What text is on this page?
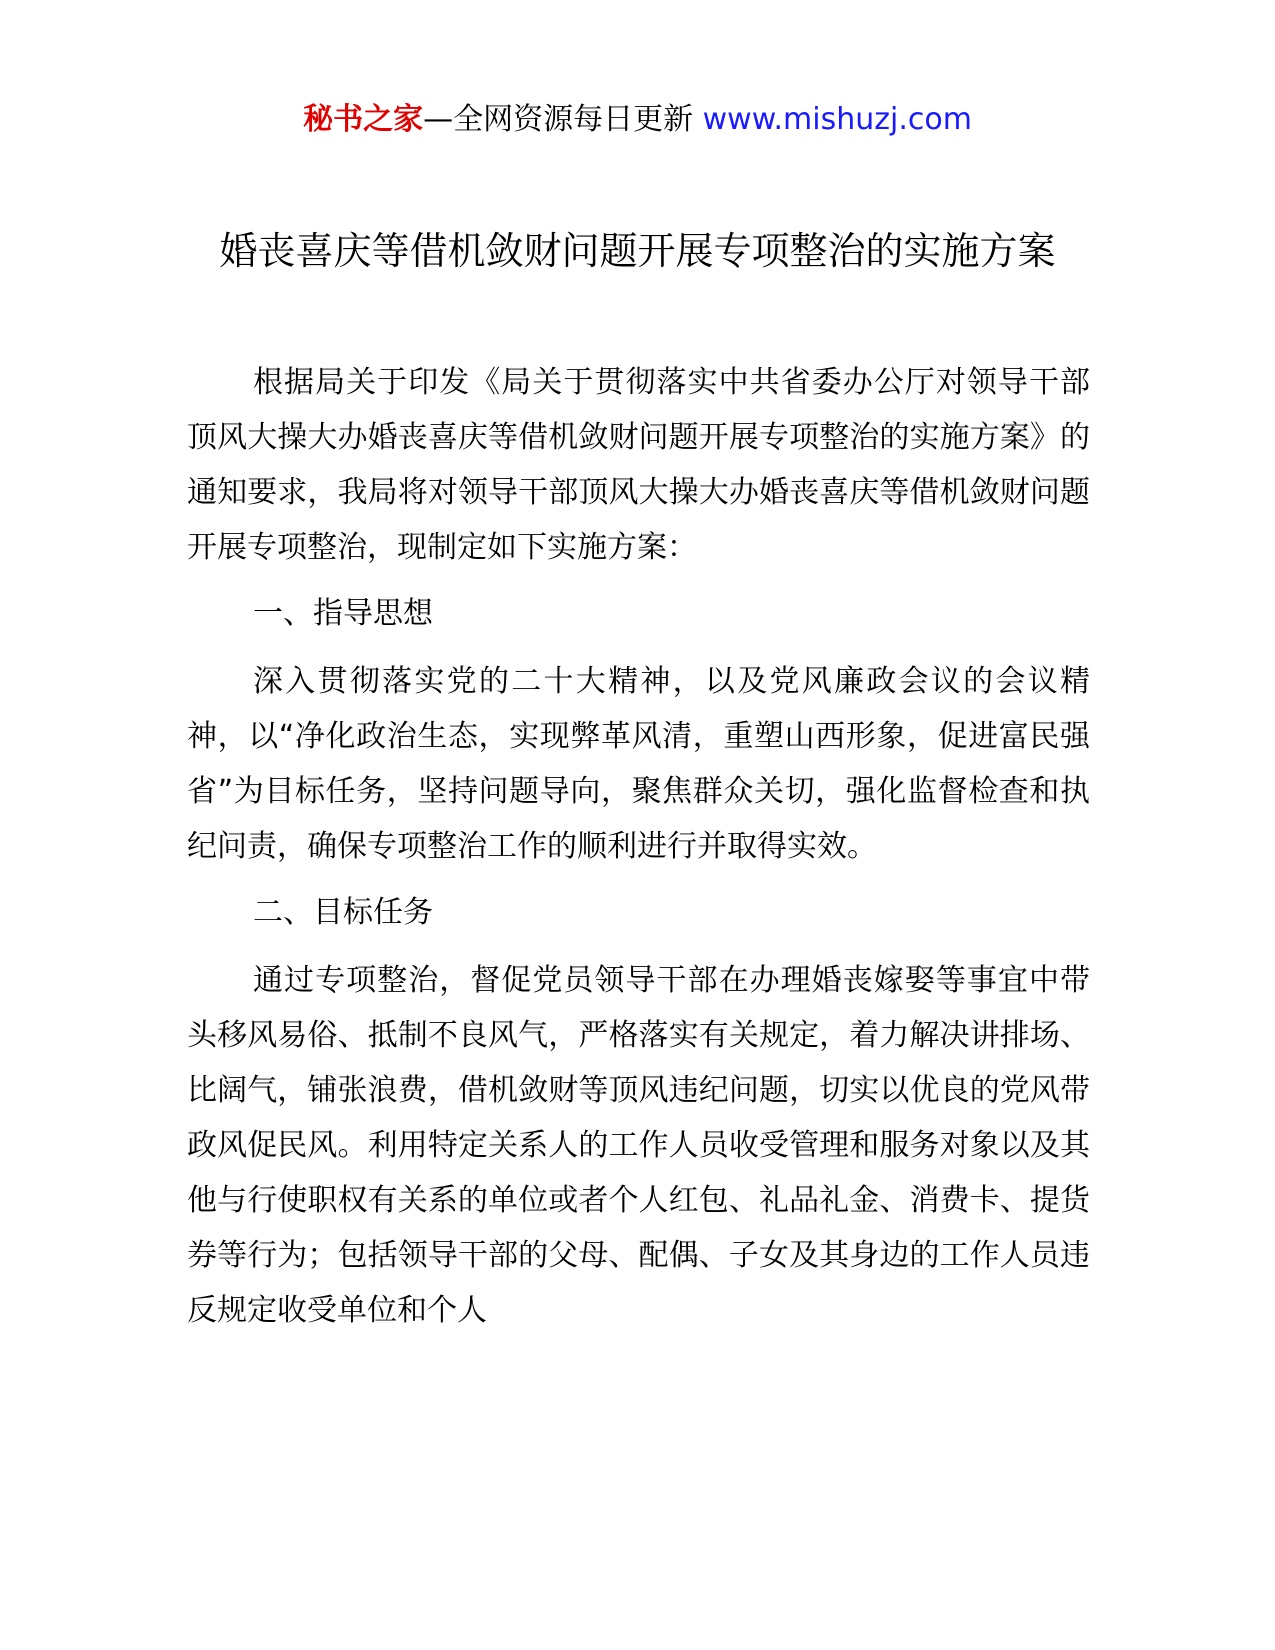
秘书之家—全网资源每日更新 www.mishuzj.com
婚丧喜庆等借机敛财问题开展专项整治的实施方案

根据局关于印发《局关于贯彻落实中共省委办公厅对领导干部顶风大操大办婚丧喜庆等借机敛财问题开展专项整治的实施方案》的通知要求，我局将对领导干部顶风大操大办婚丧喜庆等借机敛财问题开展专项整治，现制定如下实施方案：

一、指导思想

深入贯彻落实党的二十大精神，以及党风廉政会议的会议精神，以“净化政治生态，实现弊革风清，重塑山西形象，促进富民强省”为目标任务，坚持问题导向，聚焦群众关切，强化监督检查和执纪问责，确保专项整治工作的顺利进行并取得实效。

二、目标任务

通过专项整治，督促党员领导干部在办理婚丧嫁娶等事宜中带头移风易俗、抵制不良风气，严格落实有关规定，着力解决讲排场、比阔气，铺张浪费，借机敛财等顶风违纪问题，切实以优良的党风带政风促民风。利用特定关系人的工作人员收受管理和服务对象以及其他与行使职权有关系的单位或者个人红包、礼品礼金、消费卡、提货券等行为；包括领导干部的父母、配偶、子女及其身边的工作人员违反规定收受单位和个人
